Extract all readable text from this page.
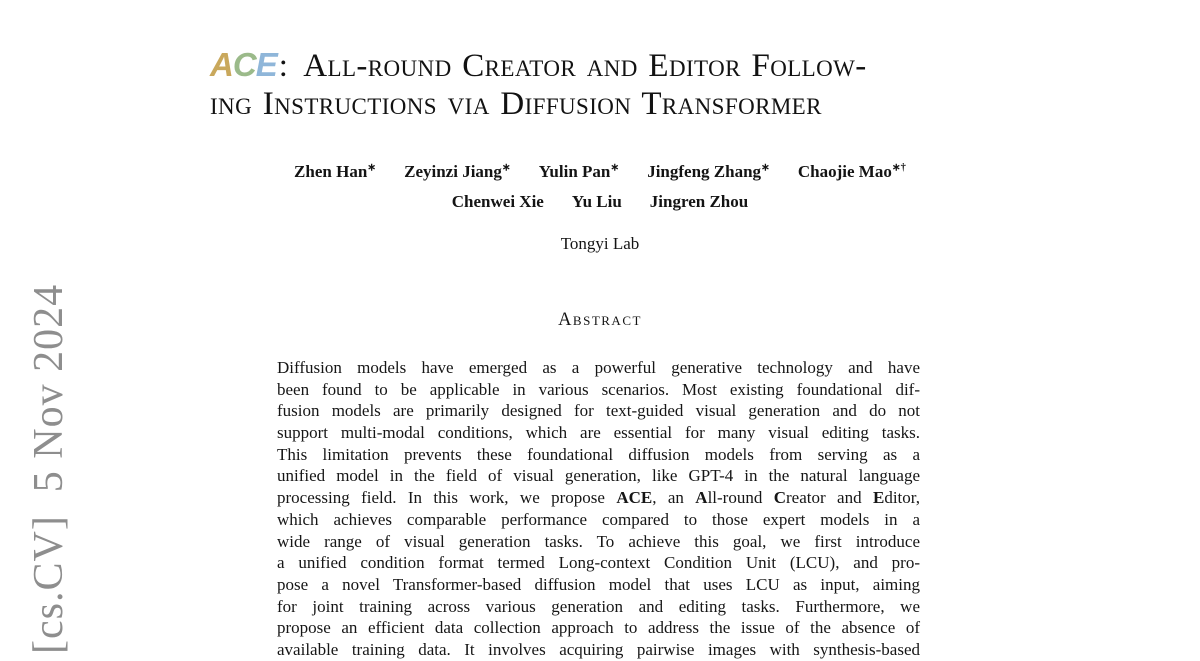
[cs.CV]  5 Nov 2024
ACE: All-round Creator and Editor Follow-
ing Instructions via Diffusion Transformer
Zhen Han∗ Zeyinzi Jiang∗ Yulin Pan∗ Jingfeng Zhang∗ Chaojie Mao∗†
Chenwei Xie Yu Liu Jingren Zhou
Tongyi Lab
Abstract
Diffusion models have emerged as a powerful generative technology and have
been found to be applicable in various scenarios. Most existing foundational dif-
fusion models are primarily designed for text-guided visual generation and do not
support multi-modal conditions, which are essential for many visual editing tasks.
This limitation prevents these foundational diffusion models from serving as a
unified model in the field of visual generation, like GPT-4 in the natural language
processing field. In this work, we propose ACE, an All-round Creator and Editor,
which achieves comparable performance compared to those expert models in a
wide range of visual generation tasks. To achieve this goal, we first introduce
a unified condition format termed Long-context Condition Unit (LCU), and pro-
pose a novel Transformer-based diffusion model that uses LCU as input, aiming
for joint training across various generation and editing tasks. Furthermore, we
propose an efficient data collection approach to address the issue of the absence of
available training data. It involves acquiring pairwise images with synthesis-based
